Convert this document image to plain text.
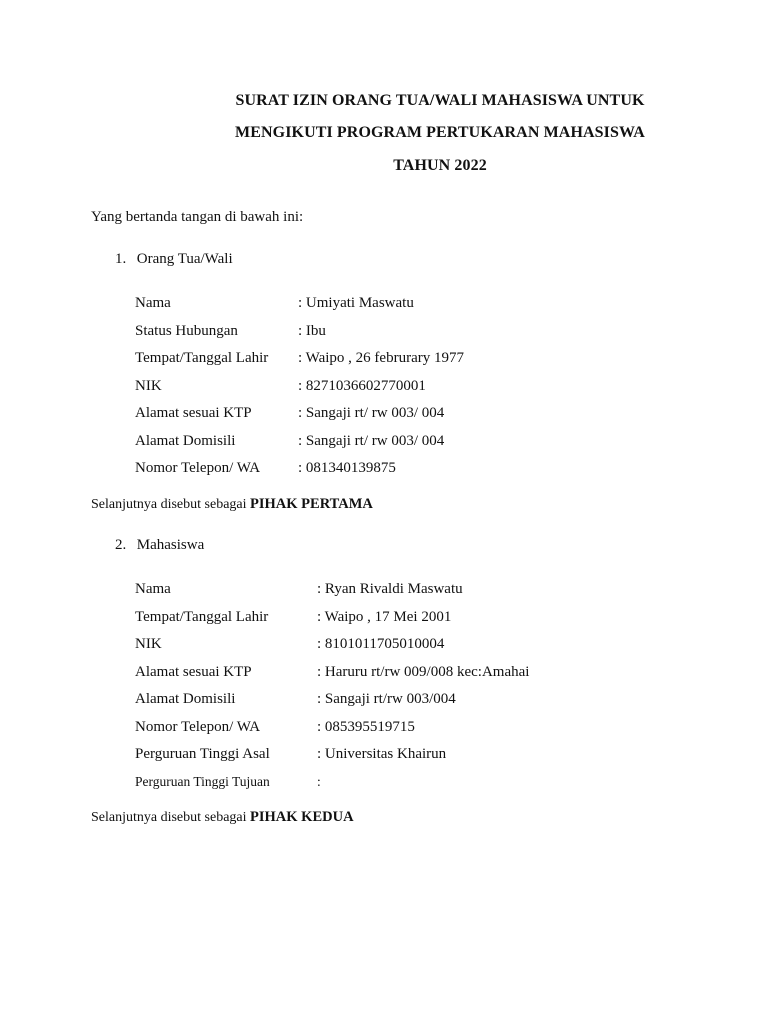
SURAT IZIN ORANG TUA/WALI MAHASISWA UNTUK
MENGIKUTI PROGRAM PERTUKARAN MAHASISWA
TAHUN 2022
Yang bertanda tangan di bawah ini:
1. Orang Tua/Wali
Nama	: Umiyati Maswatu
Status Hubungan	: Ibu
Tempat/Tanggal Lahir	: Waipo , 26 februrary 1977
NIK	: 8271036602770001
Alamat sesuai KTP	: Sangaji rt/ rw 003/ 004
Alamat Domisili	: Sangaji rt/ rw 003/ 004
Nomor Telepon/ WA	: 081340139875
Selanjutnya disebut sebagai PIHAK PERTAMA
2. Mahasiswa
Nama	: Ryan Rivaldi Maswatu
Tempat/Tanggal Lahir	: Waipo , 17 Mei 2001
NIK	: 8101011705010004
Alamat sesuai KTP	: Haruru rt/rw 009/008 kec:Amahai
Alamat Domisili	: Sangaji rt/rw 003/004
Nomor Telepon/ WA	: 085395519715
Perguruan Tinggi Asal	: Universitas Khairun
Perguruan Tinggi Tujuan	:
Selanjutnya disebut sebagai PIHAK KEDUA
